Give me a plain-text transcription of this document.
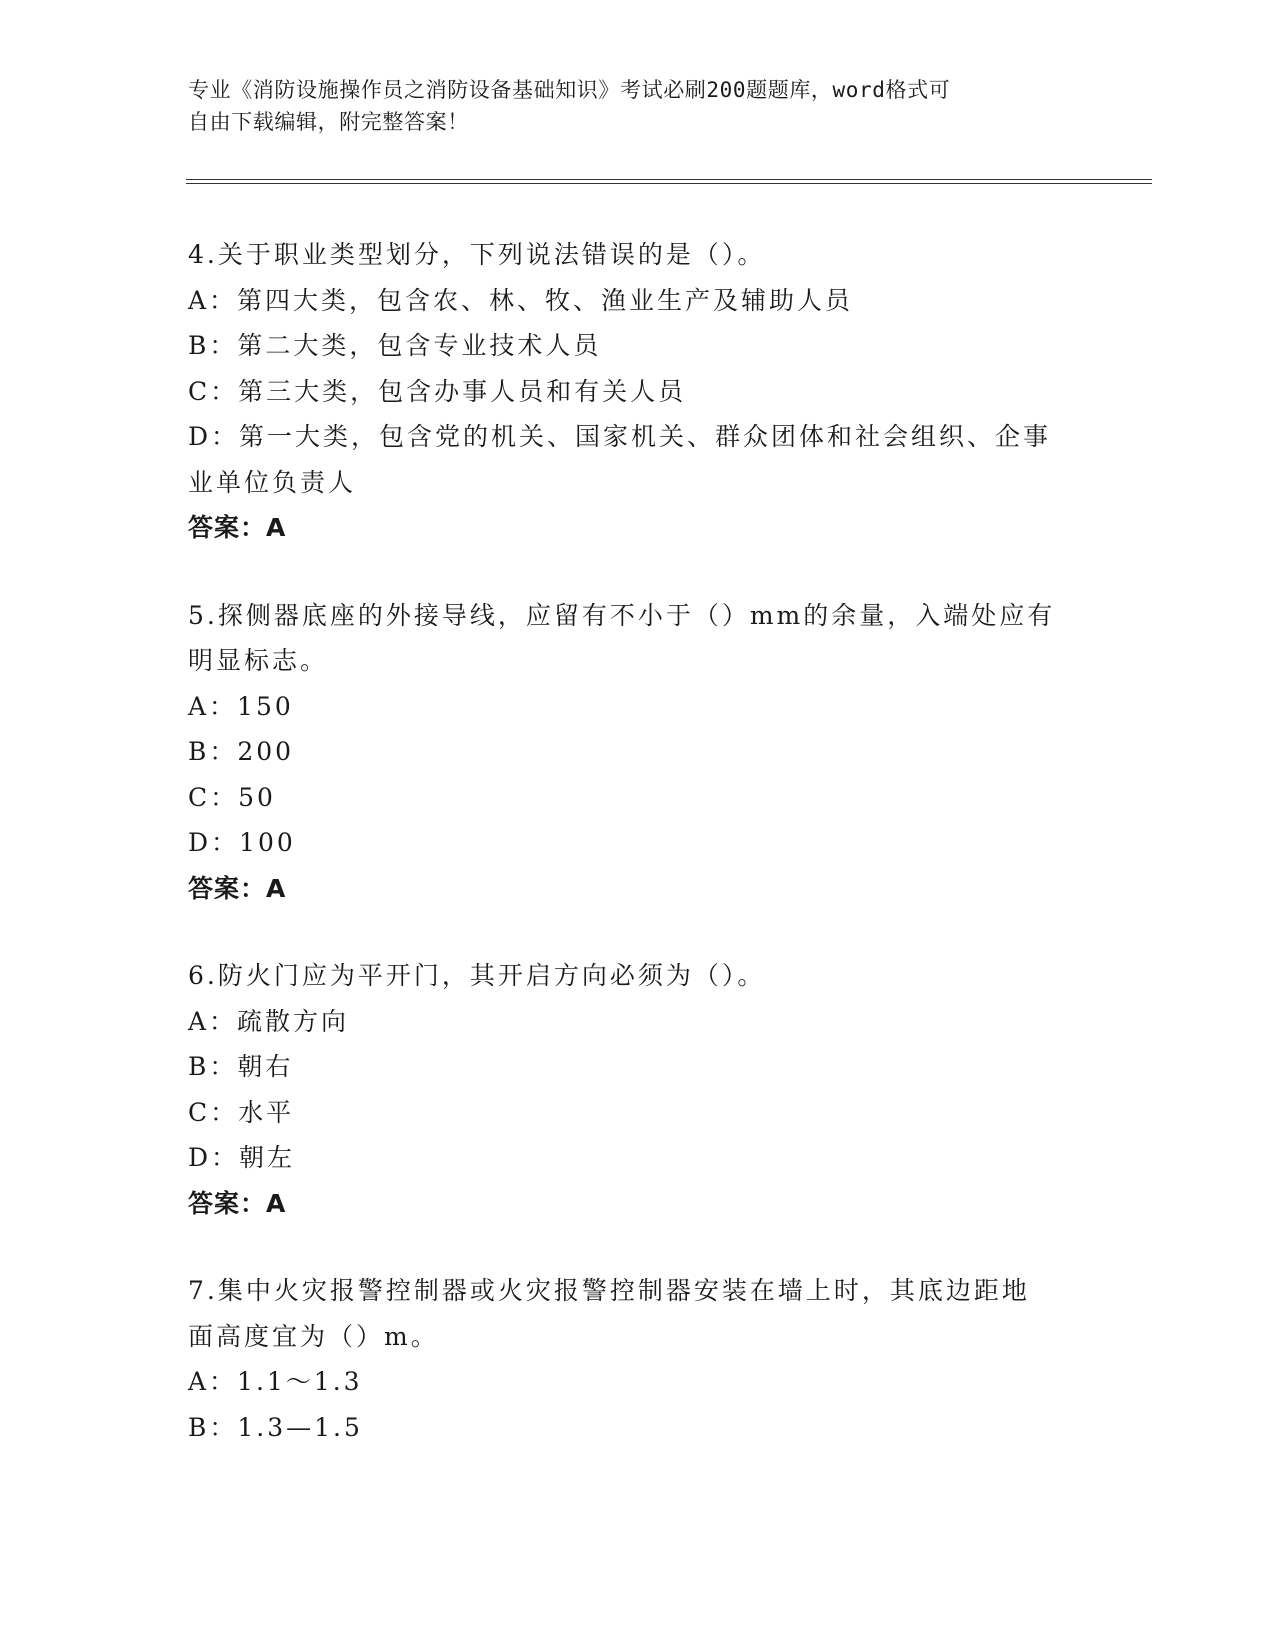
专业《消防设施操作员之消防设备基础知识》考试必刷200题题库，word格式可
自由下载编辑，附完整答案！
4.关于职业类型划分，下列说法错误的是（）。
A：第四大类，包含农、林、牧、渔业生产及辅助人员
B：第二大类，包含专业技术人员
C：第三大类，包含办事人员和有关人员
D：第一大类，包含党的机关、国家机关、群众团体和社会组织、企事
业单位负责人
答案：A
5.探侧器底座的外接导线，应留有不小于（）mm的余量，入端处应有
明显标志。
A：150
B：200
C：50
D：100
答案：A
6.防火门应为平开门，其开启方向必须为（）。
A：疏散方向
B：朝右
C：水平
D：朝左
答案：A
7.集中火灾报警控制器或火灾报警控制器安装在墙上时，其底边距地
面高度宜为（）m。
A：1.1～1.3
B：1.3—1.5
